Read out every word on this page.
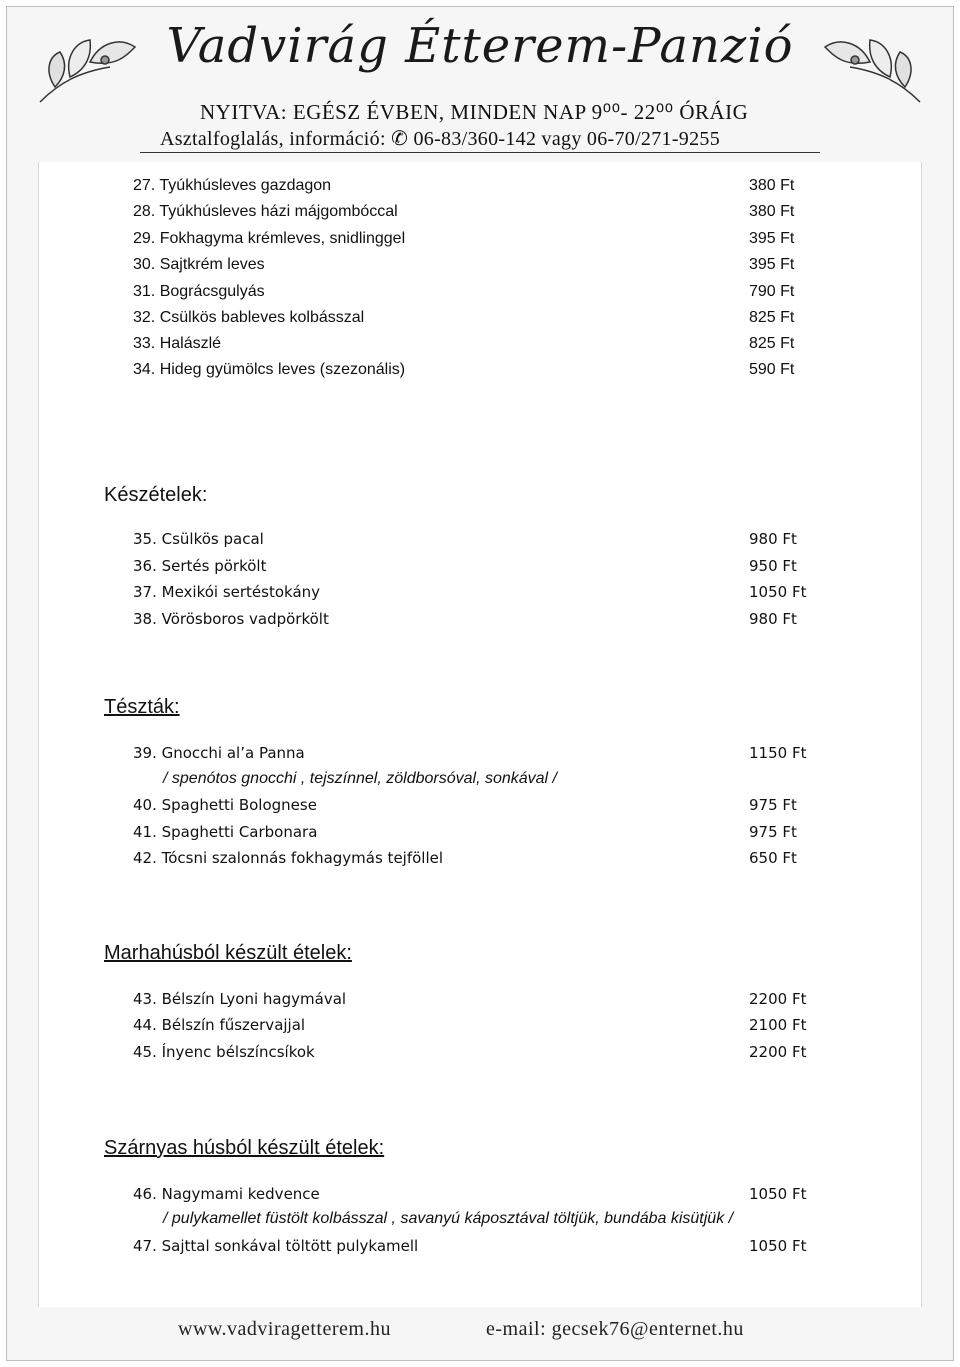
Vadvirág Étterem-Panzió
NYITVA: EGÉSZ ÉVBEN, MINDEN NAP 9⁰⁰- 22⁰⁰ ÓRÁIG
Asztalfoglalás, információ: ✆ 06-83/360-142 vagy 06-70/271-9255
27. Tyúkhúsleves gazdagon	380 Ft
28. Tyúkhúsleves házi májgombóccal	380 Ft
29. Fokhagyma krémleves, snidlinggel	395 Ft
30. Sajtkrém leves	395 Ft
31. Bográcsgulyás	790 Ft
32. Csülkös bableves kolbásszal	825 Ft
33. Halászlé	825 Ft
34. Hideg gyümölcs leves (szezonális)	590 Ft
Készételek:
35. Csülkös pacal	980 Ft
36. Sertés pörkölt	950 Ft
37. Mexikói sertéstokány	1050 Ft
38. Vörösboros vadpörkölt	980 Ft
Tészták:
39. Gnocchi al’a Panna	1150 Ft
/ spenótos gnocchi , tejszínnel, zöldborsóval, sonkával /
40. Spaghetti Bolognese	975 Ft
41. Spaghetti Carbonara	975 Ft
42. Tócsni szalonnás fokhagymás tejföllel	650 Ft
Marhahúsból készült ételek:
43. Bélszín Lyoni hagymával	2200 Ft
44. Bélszín fűszervajjal	2100 Ft
45. Ínyenc bélszíncsíkok	2200 Ft
Szárnyas húsból készült ételek:
46. Nagymami kedvence	1050 Ft
/ pulykamellet füstölt kolbásszal , savanyú káposztával töltjük, bundába kisütjük /
47. Sajttal sonkával töltött pulykamell	1050 Ft
www.vadviragetterem.hu	e-mail: gecsek76@enternet.hu
